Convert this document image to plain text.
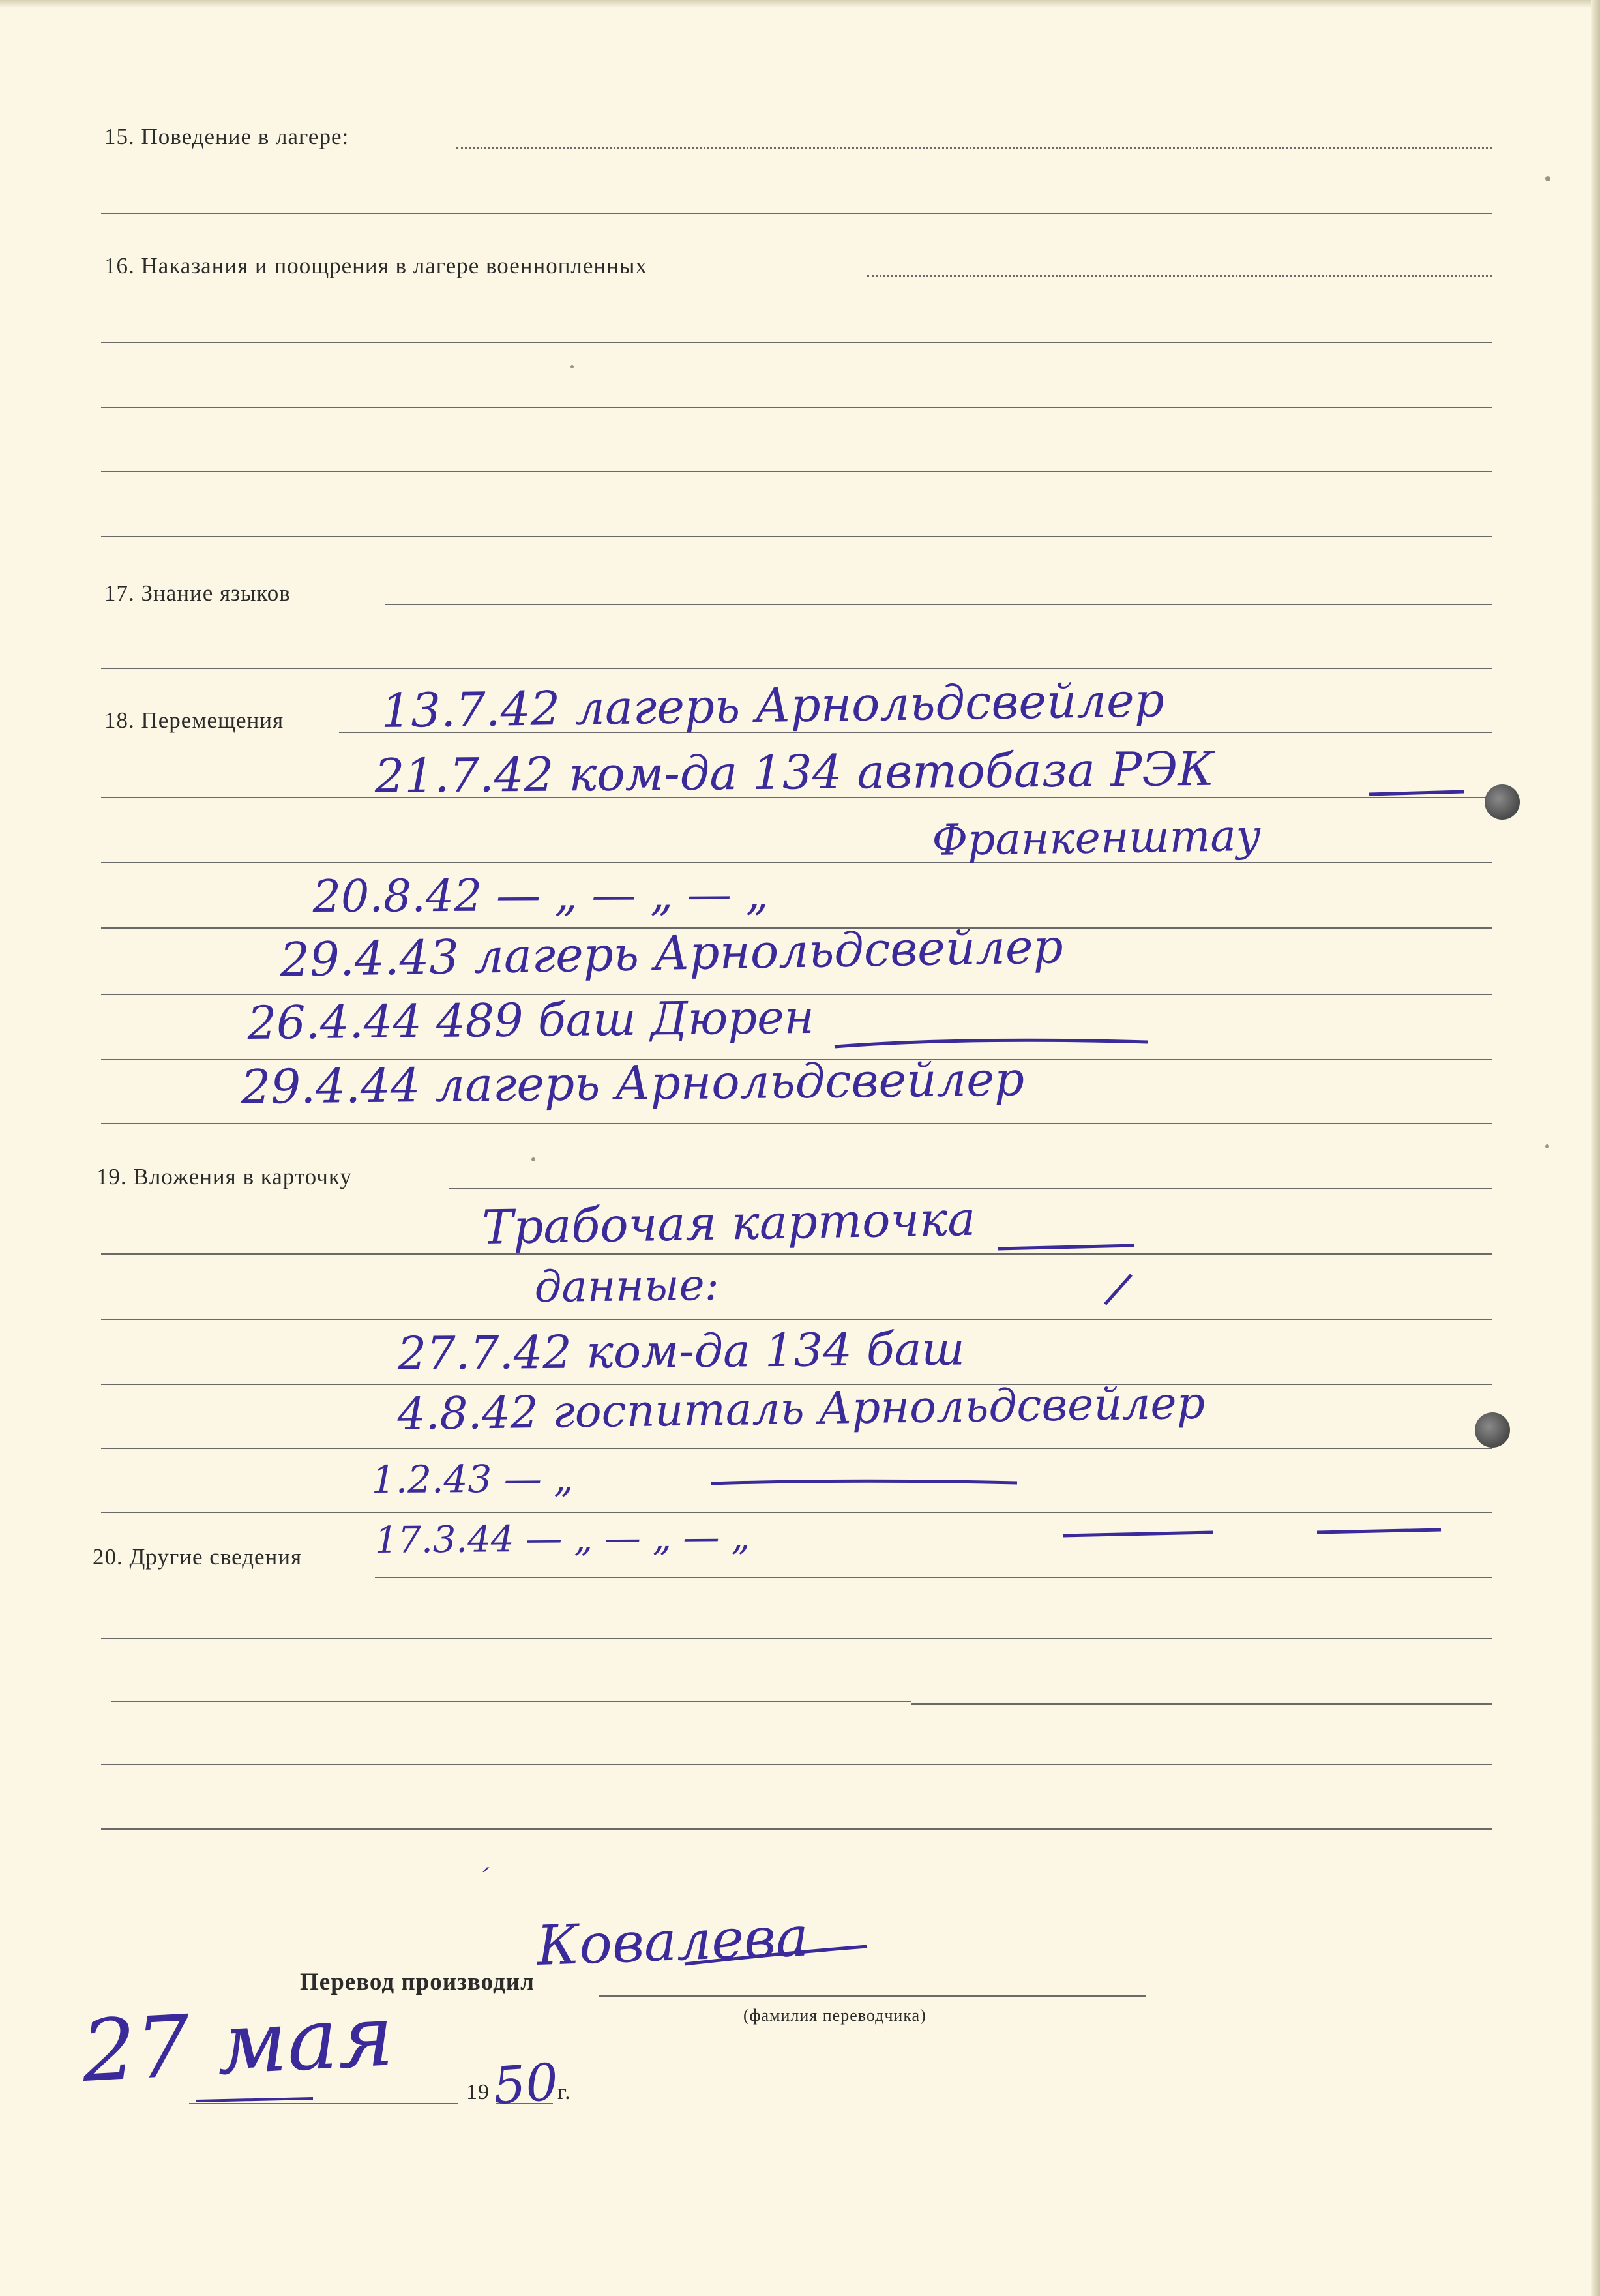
15. Поведение в лагере:
16. Наказания и поощрения в лагере военнопленных
17. Знание языков
18. Перемещения 13.7.42 лагерь Арнольдсвейлер
21.7.42 ком-да 134 автобаза РЭК
Франкенштау
20.8.42 — „ — „ — „
29.4.43 лагерь Арнольдсвейлер
26.4.44 489 баш Дюрен
29.4.44 лагерь Арнольдсвейлер
19. Вложения в карточку
Трабочая карточка
данные:
27.7.42 ком-да 134 баш
4.8.42 госпиталь Арнольдсвейлер
1.2.43 — „
20. Другие сведения 17.3.44 — „ — „ — „
Перевод производил
(фамилия переводчика)
Ковалева
´
19	г.
27 мая 50
